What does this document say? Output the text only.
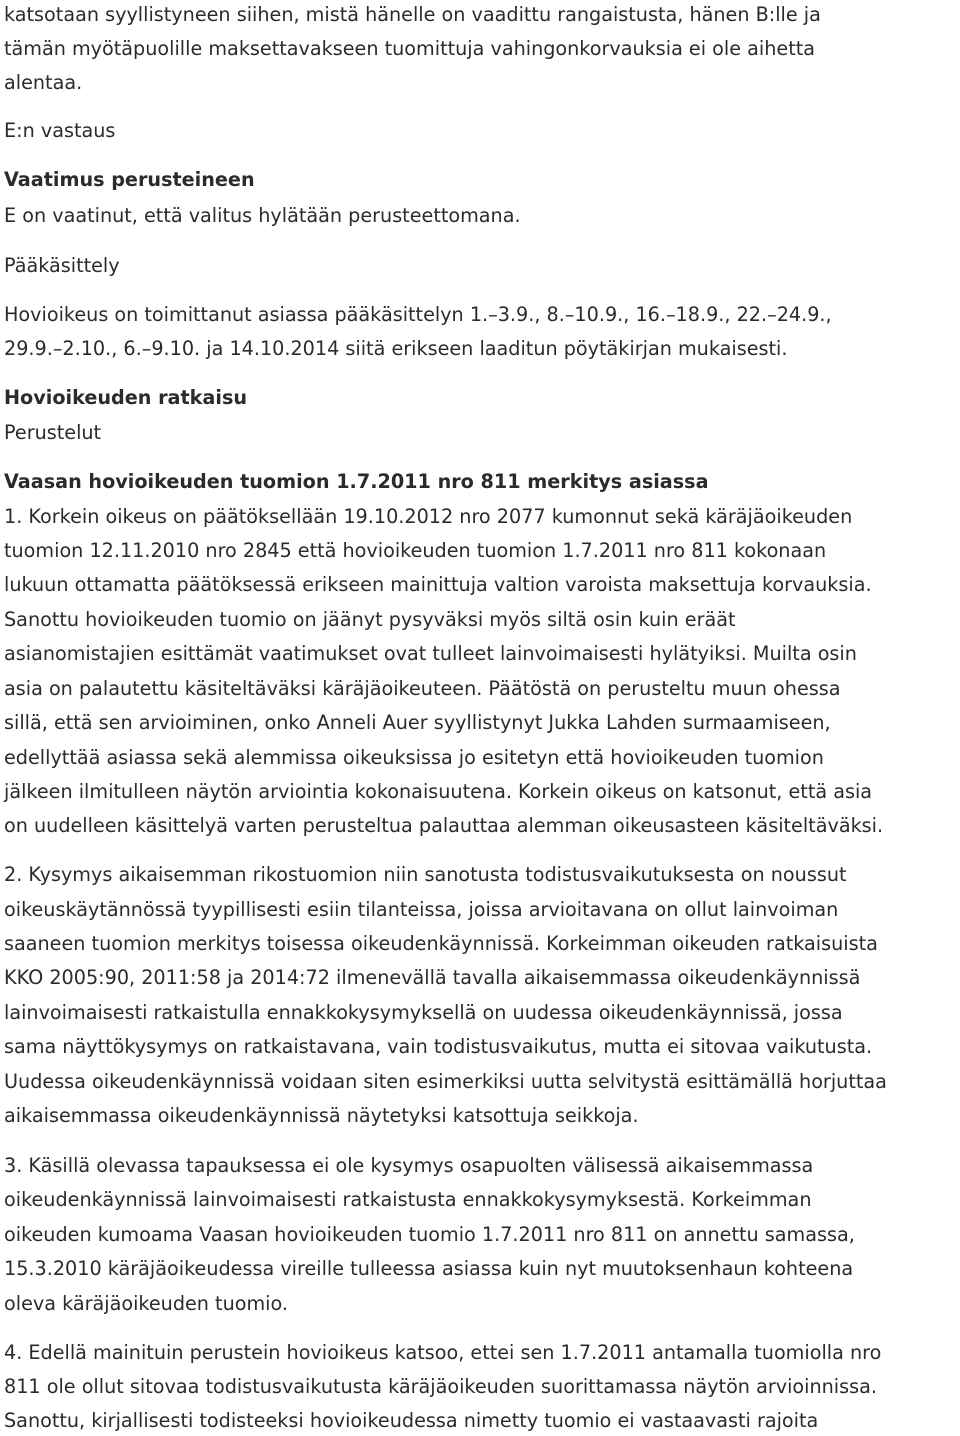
katsotaan syyllistyneen siihen, mistä hänelle on vaadittu rangaistusta, hänen B:lle ja
tämän myötäpuolille maksettavakseen tuomittuja vahingonkorvauksia ei ole aihetta
alentaa.
E:n vastaus
Vaatimus perusteineen
E on vaatinut, että valitus hylätään perusteettomana.
Pääkäsittely
Hovioikeus on toimittanut asiassa pääkäsittelyn 1.–3.9., 8.–10.9., 16.–18.9., 22.–24.9.,
29.9.–2.10., 6.–9.10. ja 14.10.2014 siitä erikseen laaditun pöytäkirjan mukaisesti.
Hovioikeuden ratkaisu
Perustelut
Vaasan hovioikeuden tuomion 1.7.2011 nro 811 merkitys asiassa
1. Korkein oikeus on päätöksellään 19.10.2012 nro 2077 kumonnut sekä käräjäoikeuden
tuomion 12.11.2010 nro 2845 että hovioikeuden tuomion 1.7.2011 nro 811 kokonaan
lukuun ottamatta päätöksessä erikseen mainittuja valtion varoista maksettuja korvauksia.
Sanottu hovioikeuden tuomio on jäänyt pysyväksi myös siltä osin kuin eräät
asianomistajien esittämät vaatimukset ovat tulleet lainvoimaisesti hylätyiksi. Muilta osin
asia on palautettu käsiteltäväksi käräjäoikeuteen. Päätöstä on perusteltu muun ohessa
sillä, että sen arvioiminen, onko Anneli Auer syyllistynyt Jukka Lahden surmaamiseen,
edellyttää asiassa sekä alemmissa oikeuksissa jo esitetyn että hovioikeuden tuomion
jälkeen ilmitulleen näytön arviointia kokonaisuutena. Korkein oikeus on katsonut, että asia
on uudelleen käsittelyä varten perusteltua palauttaa alemman oikeusasteen käsiteltäväksi.
2. Kysymys aikaisemman rikostuomion niin sanotusta todistusvaikutuksesta on noussut
oikeuskäytännössä tyypillisesti esiin tilanteissa, joissa arvioitavana on ollut lainvoiman
saaneen tuomion merkitys toisessa oikeudenkäynnissä. Korkeimman oikeuden ratkaisuista
KKO 2005:90, 2011:58 ja 2014:72 ilmenevällä tavalla aikaisemmassa oikeudenkäynnissä
lainvoimaisesti ratkaistulla ennakkokysymyksellä on uudessa oikeudenkäynnissä, jossa
sama näyttökysymys on ratkaistavana, vain todistusvaikutus, mutta ei sitovaa vaikutusta.
Uudessa oikeudenkäynnissä voidaan siten esimerkiksi uutta selvitystä esittämällä horjuttaa
aikaisemmassa oikeudenkäynnissä näytetyksi katsottuja seikkoja.
3. Käsillä olevassa tapauksessa ei ole kysymys osapuolten välisessä aikaisemmassa
oikeudenkäynnissä lainvoimaisesti ratkaistusta ennakkokysymyksestä. Korkeimman
oikeuden kumoama Vaasan hovioikeuden tuomio 1.7.2011 nro 811 on annettu samassa,
15.3.2010 käräjäoikeudessa vireille tulleessa asiassa kuin nyt muutoksenhaun kohteena
oleva käräjäoikeuden tuomio.
4. Edellä mainituin perustein hovioikeus katsoo, ettei sen 1.7.2011 antamalla tuomiolla nro
811 ole ollut sitovaa todistusvaikutusta käräjäoikeuden suorittamassa näytön arvioinnissa.
Sanottu, kirjallisesti todisteeksi hovioikeudessa nimetty tuomio ei vastaavasti rajoita
